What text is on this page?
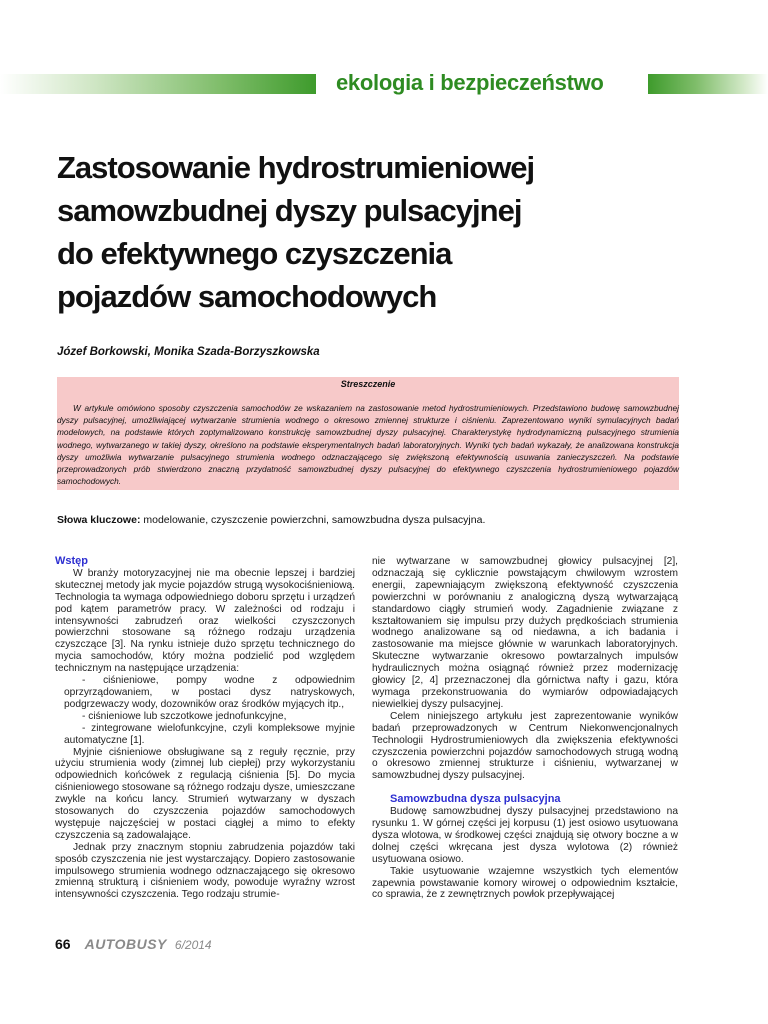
ekologia i bezpieczeństwo
Zastosowanie hydrostrumieniowej
samowzbudnej dyszy pulsacyjnej
do efektywnego czyszczenia
pojazdów samochodowych
Józef Borkowski, Monika Szada-Borzyszkowska
Streszczenie
W artykule omówiono sposoby czyszczenia samochodów ze wskazaniem na zastosowanie metod hydrostrumieniowych. Przedstawiono budowę samowzbudnej dyszy pulsacyjnej, umożliwiającej wytwarzanie strumienia wodnego o okresowo zmiennej strukturze i ciśnieniu. Zaprezentowano wyniki symulacyjnych badań modelowych, na podstawie których zoptymalizowano konstrukcję samowzbudnej dyszy pulsacyjnej. Charakterystykę hydrodynamiczną pulsacyjnego strumienia wodnego, wytwarzanego w takiej dyszy, określono na podstawie eksperymentalnych badań laboratoryjnych. Wyniki tych badań wykazały, że analizowana konstrukcja dyszy umożliwia wytwarzanie pulsacyjnego strumienia wodnego odznaczającego się zwiększoną efektywnością usuwania zanieczyszczeń. Na podstawie przeprowadzonych prób stwierdzono znaczną przydatność samowzbudnej dyszy pulsacyjnej do efektywnego czyszczenia hydrostrumieniowego pojazdów samochodowych.
Słowa kluczowe: modelowanie, czyszczenie powierzchni, samowzbudna dysza pulsacyjna.
Wstęp

W branży motoryzacyjnej nie ma obecnie lepszej i bardziej skutecznej metody jak mycie pojazdów strugą wysokociśnieniową. Technologia ta wymaga odpowiedniego doboru sprzętu i urządzeń pod kątem parametrów pracy. W zależności od rodzaju i intensywności zabrudzeń oraz wielkości czyszczonych powierzchni stosowane są różnego rodzaju urządzenia czyszczące [3]. Na rynku istnieje dużo sprzętu technicznego do mycia samochodów, który można podzielić pod względem technicznym na następujące urządzenia:

- ciśnieniowe, pompy wodne z odpowiednim oprzyrządowaniem, w postaci dysz natryskowych, podgrzewaczy wody, dozowników oraz środków myjących itp.,

- ciśnieniowe lub szczotkowe jednofunkcyjne,

- zintegrowane wielofunkcyjne, czyli kompleksowe myjnie automatyczne [1].

Myjnie ciśnieniowe obsługiwane są z reguły ręcznie, przy użyciu strumienia wody (zimnej lub ciepłej) przy wykorzystaniu odpowiednich końcówek z regulacją ciśnienia [5]. Do mycia ciśnieniowego stosowane są różnego rodzaju dysze, umieszczane zwykle na końcu lancy. Strumień wytwarzany w dyszach stosowanych do czyszczenia pojazdów samochodowych występuje najczęściej w postaci ciągłej a mimo to efekty czyszczenia są zadowalające.

Jednak przy znacznym stopniu zabrudzenia pojazdów taki sposób czyszczenia nie jest wystarczający. Dopiero zastosowanie impulsowego strumienia wodnego odznaczającego się okresowo zmienną strukturą i ciśnieniem wody, powoduje wyraźny wzrost intensywności czyszczenia. Tego rodzaju strumie-

nie wytwarzane w samowzbudnej głowicy pulsacyjnej [2], odznaczają się cyklicznie powstającym chwilowym wzrostem energii, zapewniającym zwiększoną efektywność czyszczenia powierzchni w porównaniu z analogiczną dyszą wytwarzającą standardowo ciągły strumień wody. Zagadnienie związane z kształtowaniem się impulsu przy dużych prędkościach strumienia wodnego analizowane są od niedawna, a ich badania i zastosowanie ma miejsce głównie w warunkach laboratoryjnych. Skuteczne wytwarzanie okresowo powtarzalnych impulsów hydraulicznych można osiągnąć również przez modernizację głowicy [2, 4] przeznaczonej dla górnictwa nafty i gazu, która wymaga przekonstruowania do wymiarów odpowiadających niewielkiej dyszy pulsacyjnej.

Celem niniejszego artykułu jest zaprezentowanie wyników badań przeprowadzonych w Centrum Niekonwencjonalnych Technologii Hydrostrumieniowych dla zwiększenia efektywności czyszczenia powierzchni pojazdów samochodowych strugą wodną o okresowo zmiennej strukturze i ciśnieniu, wytwarzanej w samowzbudnej dyszy pulsacyjnej.

Samowzbudna dysza pulsacyjna

Budowę samowzbudnej dyszy pulsacyjnej przedstawiono na rysunku 1. W górnej części jej korpusu (1) jest osiowo usytuowana dysza wlotowa, w środkowej części znajdują się otwory boczne a w dolnej części wkręcana jest dysza wylotowa (2) również usytuowana osiowo.

Takie usytuowanie wzajemne wszystkich tych elementów zapewnia powstawanie komory wirowej o odpowiednim kształcie, co sprawia, że z zewnętrznych powłok przepływającej

66 AUTOBUSY 6/2014
